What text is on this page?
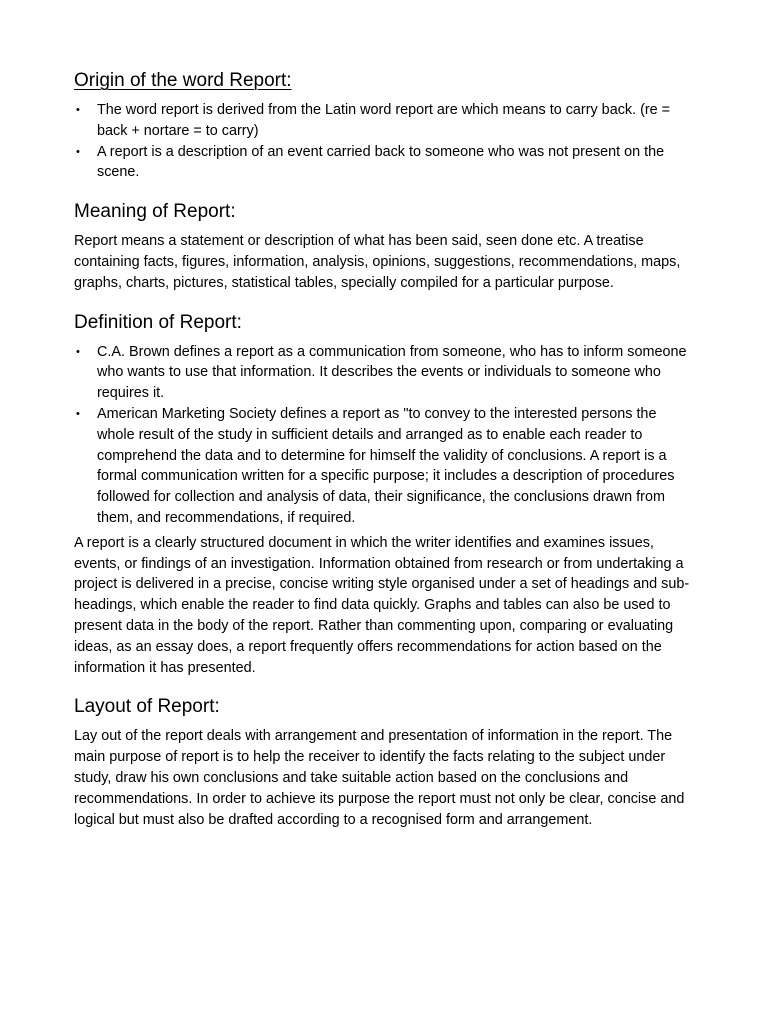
Origin of the word Report:
• The word report is derived from the Latin word report are which means to carry back. (re = back + nortare = to carry)
• A report is a description of an event carried back to someone who was not present on the scene.
Meaning of Report:

Report means a statement or description of what has been said, seen done etc. A treatise containing facts, figures, information, analysis, opinions, suggestions, recommendations, maps, graphs, charts, pictures, statistical tables, specially compiled for a particular purpose.

Definition of Report:
• C.A. Brown defines a report as a communication from someone, who has to inform someone who wants to use that information. It describes the events or individuals to someone who requires it.
• American Marketing Society defines a report as "to convey to the interested persons the whole result of the study in sufficient details and arranged as to enable each reader to comprehend the data and to determine for himself the validity of conclusions. A report is a formal communication written for a specific purpose; it includes a description of procedures followed for collection and analysis of data, their significance, the conclusions drawn from them, and recommendations, if required.

A report is a clearly structured document in which the writer identifies and examines issues, events, or findings of an investigation. Information obtained from research or from undertaking a project is delivered in a precise, concise writing style organised under a set of headings and sub-headings, which enable the reader to find data quickly. Graphs and tables can also be used to present data in the body of the report. Rather than commenting upon, comparing or evaluating ideas, as an essay does, a report frequently offers recommendations for action based on the information it has presented.

Layout of Report:

Lay out of the report deals with arrangement and presentation of information in the report. The main purpose of report is to help the receiver to identify the facts relating to the subject under study, draw his own conclusions and take suitable action based on the conclusions and recommendations. In order to achieve its purpose the report must not only be clear, concise and logical but must also be drafted according to a recognised form and arrangement.
